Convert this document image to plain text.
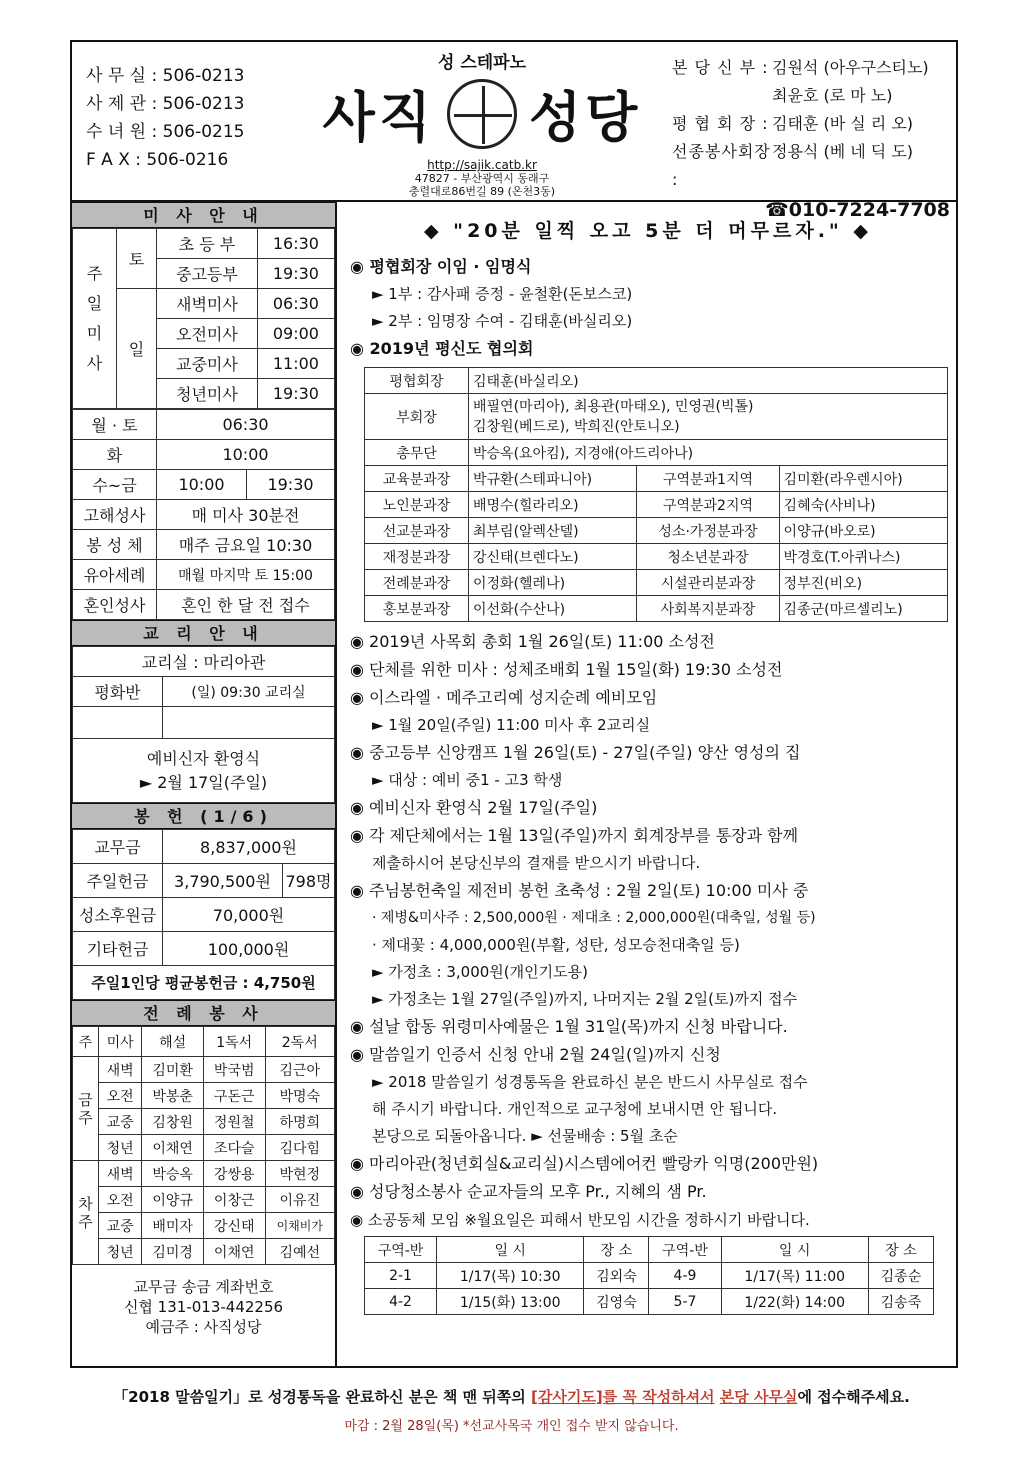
사 무 실 : 506-0213
사 제 관 : 506-0213
수 녀 원 : 506-0215
F A X : 506-0216
성 스테파노
사직 성당
http://sajik.catb.kr
47827 - 부산광역시 동래구
충렬대로86번길 89 (온천3동)
본 당 신 부 : 김원석 (아우구스티노)
최윤호 (로 마 노)
평 협 회 장 : 김태훈 (바 실 리 오)
선종봉사회장 :
정용식 (베 네 딕 도)
☎010-7224-7708
미 사 안 내
주일미사	토	초 등 부	16:30
		중고등부	19:30
	일	새벽미사	06:30
		오전미사	09:00
		교중미사	11:00
		청년미사	19:30
월 · 토	06:30	
화	10:00	
수~금	10:00	19:30
고해성사	매 미사 30분전	
봉 성 체	매주 금요일 10:30	
유아세례	매월 마지막 토 15:00	
혼인성사	혼인 한 달 전 접수	
교 리 안 내
교리실 : 마리아관	
평화반	(일) 09:30 교리실

예비신자 환영식
► 2월 17일(주일)	
봉 헌 (1/6)
교무금	8,837,000원	
주일헌금	3,790,500원	798명
성소후원금	70,000원	
기타헌금	100,000원	
주일1인당 평균봉헌금 : 4,750원		
전 례 봉 사
주	미사	해설	1독서	2독서
금주	새벽	김미환	박국범	김근아
	오전	박봉춘	구돈근	박명숙
	교중	김창원	정원철	하명희
	청년	이채연	조다슬	김다힘
차주	새벽	박승옥	강쌍용	박현정
	오전	이양규	이창근	이유진
	교중	배미자	강신태	이채비가
	청년	김미경	이채연	김예선
교무금 송금 계좌번호
신협 131-013-442256
예금주 : 사직성당
◆ "20분 일찍 오고 5분 더 머무르자." ◆
◉ 평협회장 이임 · 임명식
► 1부 : 감사패 증정 - 윤철환(돈보스코)
► 2부 : 임명장 수여 - 김태훈(바실리오)
◉ 2019년 평신도 협의회
평협회장	김태훈(바실리오)		
부회장	배필연(마리아), 최용관(마태오), 민영권(빅톨)
김창원(베드로), 박희진(안토니오)		

총무단	박승옥(요아킴), 지경애(아드리아나)		
교육분과장	박규환(스테파니아)	구역분과1지역	김미환(라우렌시아)
노인분과장	배명수(힐라리오)	구역분과2지역	김혜숙(사비나)
선교분과장	최부림(알렉산델)	성소·가정분과장	이양규(바오로)
재정분과장	강신태(브렌다노)	청소년분과장	박경호(T.아퀴나스)
전례분과장	이정화(헬레나)	시설관리분과장	정부진(비오)
홍보분과장	이선화(수산나)	사회복지분과장	김종군(마르셀리노)
◉ 2019년 사목회 총회 1월 26일(토) 11:00 소성전
◉ 단체를 위한 미사 : 성체조배회 1월 15일(화) 19:30 소성전
◉ 이스라엘 · 메주고리예 성지순례 예비모임
► 1월 20일(주일) 11:00 미사 후 2교리실
◉ 중고등부 신앙캠프 1월 26일(토) - 27일(주일) 양산 영성의 집
► 대상 : 예비 중1 - 고3 학생
◉ 예비신자 환영식 2월 17일(주일)
◉ 각 제단체에서는 1월 13일(주일)까지 회계장부를 통장과 함께
제출하시어 본당신부의 결재를 받으시기 바랍니다.
◉ 주님봉헌축일 제전비 봉헌 초축성 : 2월 2일(토) 10:00 미사 중
· 제병&미사주 : 2,500,000원 · 제대초 : 2,000,000원(대축일, 성월 등)
· 제대꽃 : 4,000,000원(부활, 성탄, 성모승천대축일 등)
► 가정초 : 3,000원(개인기도용)
► 가정초는 1월 27일(주일)까지, 나머지는 2월 2일(토)까지 접수
◉ 설날 합동 위령미사예물은 1월 31일(목)까지 신청 바랍니다.
◉ 말씀일기 인증서 신청 안내 2월 24일(일)까지 신청
► 2018 말씀일기 성경통독을 완료하신 분은 반드시 사무실로 접수
해 주시기 바랍니다. 개인적으로 교구청에 보내시면 안 됩니다.
본당으로 되돌아옵니다. ► 선물배송 : 5월 초순
◉ 마리아관(청년회실&교리실)시스템에어컨 빨랑카 익명(200만원)
◉ 성당청소봉사 순교자들의 모후 Pr., 지혜의 샘 Pr.
◉ 소공동체 모임 ※월요일은 피해서 반모임 시간을 정하시기 바랍니다.
구역-반	일 시	장 소	구역-반	일 시	장 소
2-1	1/17(목) 10:30	김외숙	4-9	1/17(목) 11:00	김종순
4-2	1/15(화) 13:00	김영숙	5-7	1/22(화) 14:00	김송죽
「2018 말씀일기」로 성경통독을 완료하신 분은 책 맨 뒤쪽의 [감사기도]를 꼭 작성하셔서 본당 사무실에 접수해주세요.
마감 : 2월 28일(목) *선교사목국 개인 접수 받지 않습니다.
